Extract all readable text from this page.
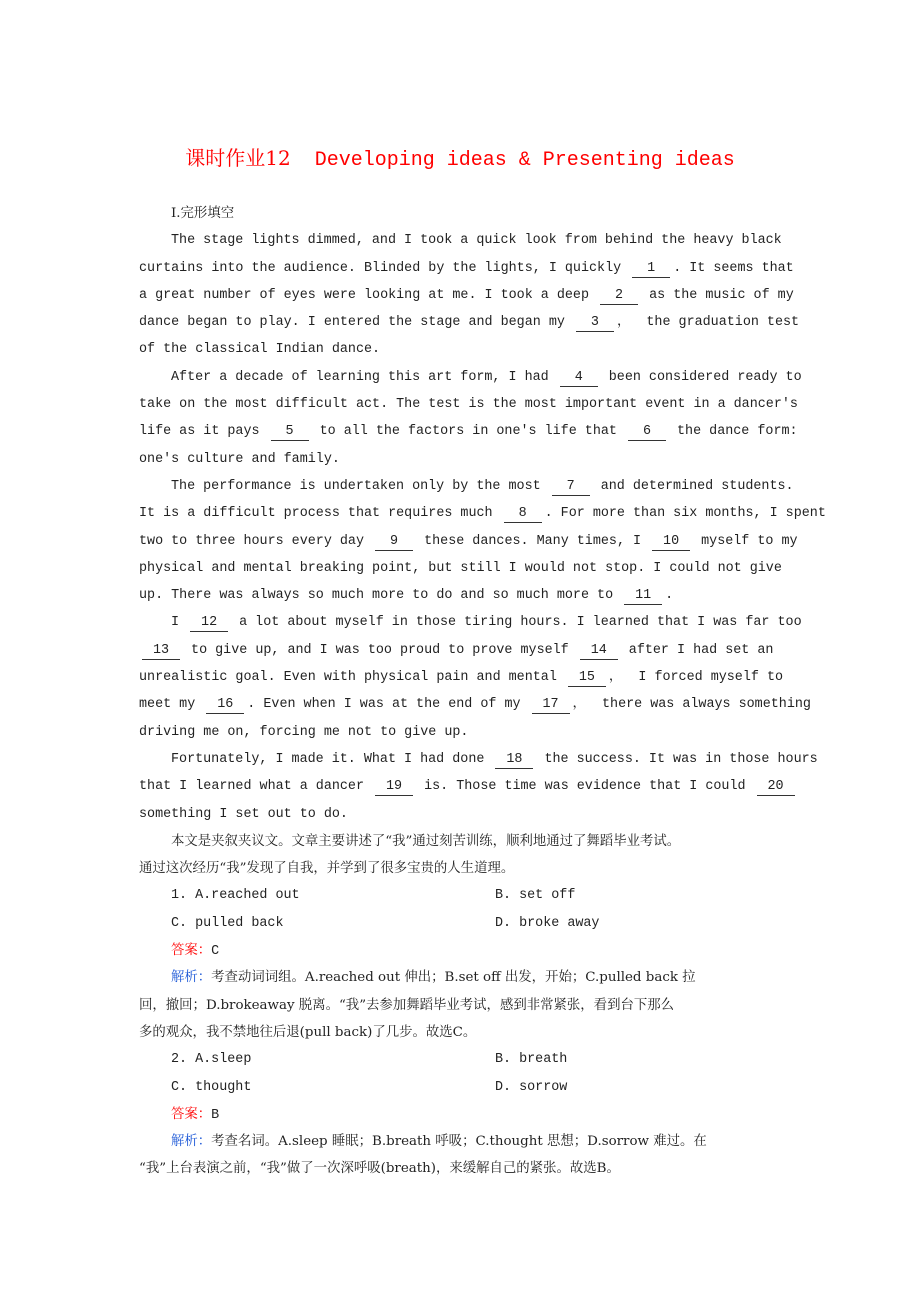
课时作业12 Developing ideas & Presenting ideas
Ⅰ.完形填空
The stage lights dimmed, and I took a quick look from behind the heavy black
curtains into the audience. Blinded by the lights, I quickly 1 . It seems that
a great number of eyes were looking at me. I took a deep 2 as the music of my
dance began to play. I entered the stage and began my 3 ，  the graduation test
of the classical Indian dance.
After a decade of learning this art form, I had 4 been considered ready to
take on the most difficult act. The test is the most important event in a dancer's
life as it pays 5 to all the factors in one's life that 6 the dance form:
one's culture and family.
The performance is undertaken only by the most 7 and determined students.
It is a difficult process that requires much 8 . For more than six months, I spent
two to three hours every day 9 these dances. Many times, I 10 myself to my
physical and mental breaking point, but still I would not stop. I could not give
up. There was always so much more to do and so much more to 11 .
I 12 a lot about myself in those tiring hours. I learned that I was far too
13 to give up, and I was too proud to prove myself 14 after I had set an
unrealistic goal. Even with physical pain and mental 15 ，  I forced myself to
meet my 16 . Even when I was at the end of my 17 ，  there was always something
driving me on, forcing me not to give up.
Fortunately, I made it. What I had done 18 the success. It was in those hours
that I learned what a dancer 19 is. Those time was evidence that I could 20
something I set out to do.
本文是夹叙夹议文。文章主要讲述了“我”通过刻苦训练，顺利地通过了舞蹈毕业考试。
通过这次经历“我”发现了自我，并学到了很多宝贵的人生道理。
1. A.reached out	B. set off
C. pulled back	D. broke away
答案：C
解析：考查动词词组。A.reached out 伸出；B.set off 出发，开始；C.pulled back 拉
回，撤回；D.brokeaway 脱离。“我”去参加舞蹈毕业考试，感到非常紧张，看到台下那么
多的观众，我不禁地往后退(pull back)了几步。故选C。
2. A.sleep	B. breath
C. thought	D. sorrow
答案：B
解析：考查名词。A.sleep 睡眠；B.breath 呼吸；C.thought 思想；D.sorrow 难过。在
“我”上台表演之前，“我”做了一次深呼吸(breath)，来缓解自己的紧张。故选B。
